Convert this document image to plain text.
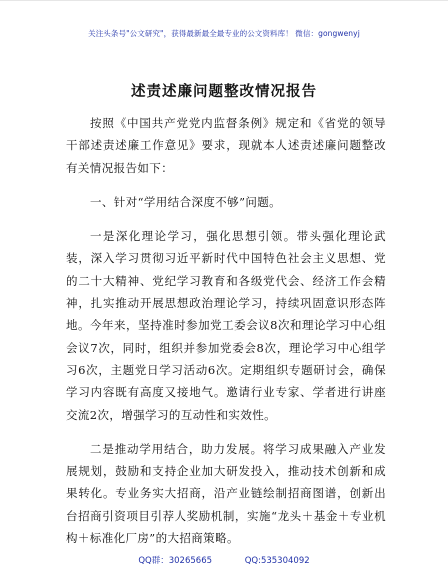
关注头条号"公文研究"，获得最新最全最专业的公文资料库！ 微信：gongwenyj
述责述廉问题整改情况报告

按照《中国共产党党内监督条例》规定和《省党的领导干部述责述廉工作意见》要求，现就本人述责述廉问题整改有关情况报告如下：

一、针对“学用结合深度不够”问题。

一是深化理论学习，强化思想引领。带头强化理论武装，深入学习贯彻习近平新时代中国特色社会主义思想、党的二十大精神、党纪学习教育和各级党代会、经济工作会精神，扎实推动开展思想政治理论学习，持续巩固意识形态阵地。今年来，坚持准时参加党工委会议8次和理论学习中心组会议7次，同时，组织并参加党委会8次，理论学习中心组学习6次，主题党日学习活动6次。定期组织专题研讨会，确保学习内容既有高度又接地气。邀请行业专家、学者进行讲座交流2次，增强学习的互动性和实效性。

二是推动学用结合，助力发展。将学习成果融入产业发展规划，鼓励和支持企业加大研发投入，推动技术创新和成果转化。专业务实大招商，沿产业链绘制招商图谱，创新出台招商引资项目引荐人奖励机制，实施“龙头＋基金＋专业机构＋标准化厂房”的大招商策略。

QQ群：30265665	QQ:535304092
